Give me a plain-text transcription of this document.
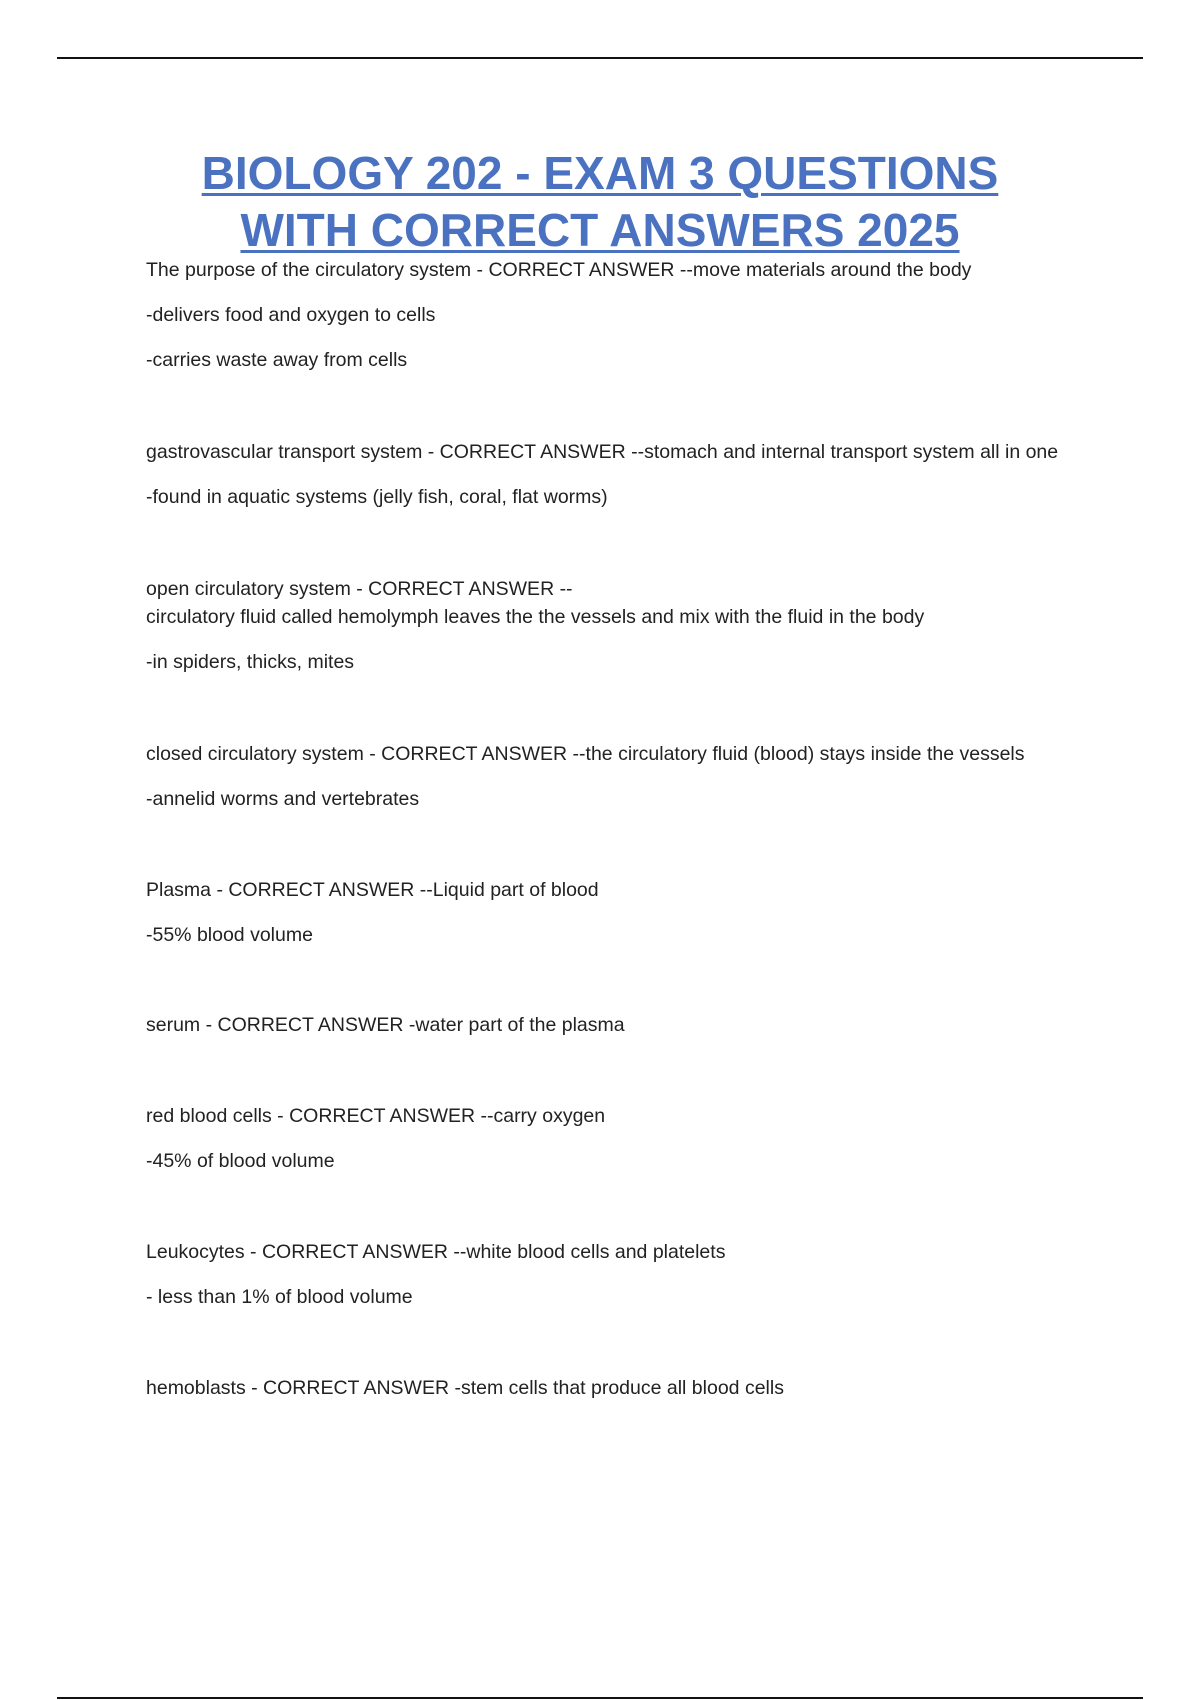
BIOLOGY 202 - EXAM 3 QUESTIONS
WITH CORRECT ANSWERS 2025
The purpose of the circulatory system - CORRECT ANSWER --move materials around the body
-delivers food and oxygen to cells
-carries waste away from cells
gastrovascular transport system - CORRECT ANSWER --stomach and internal transport system all in one
-found in aquatic systems (jelly fish, coral, flat worms)
open circulatory system - CORRECT ANSWER --
circulatory fluid called hemolymph leaves the the vessels and mix with the fluid in the body
-in spiders, thicks, mites
closed circulatory system - CORRECT ANSWER --the circulatory fluid (blood) stays inside the vessels
-annelid worms and vertebrates
Plasma - CORRECT ANSWER --Liquid part of blood
-55% blood volume
serum - CORRECT ANSWER -water part of the plasma
red blood cells - CORRECT ANSWER --carry oxygen
-45% of blood volume
Leukocytes - CORRECT ANSWER --white blood cells and platelets
- less than 1% of blood volume
hemoblasts - CORRECT ANSWER -stem cells that produce all blood cells
